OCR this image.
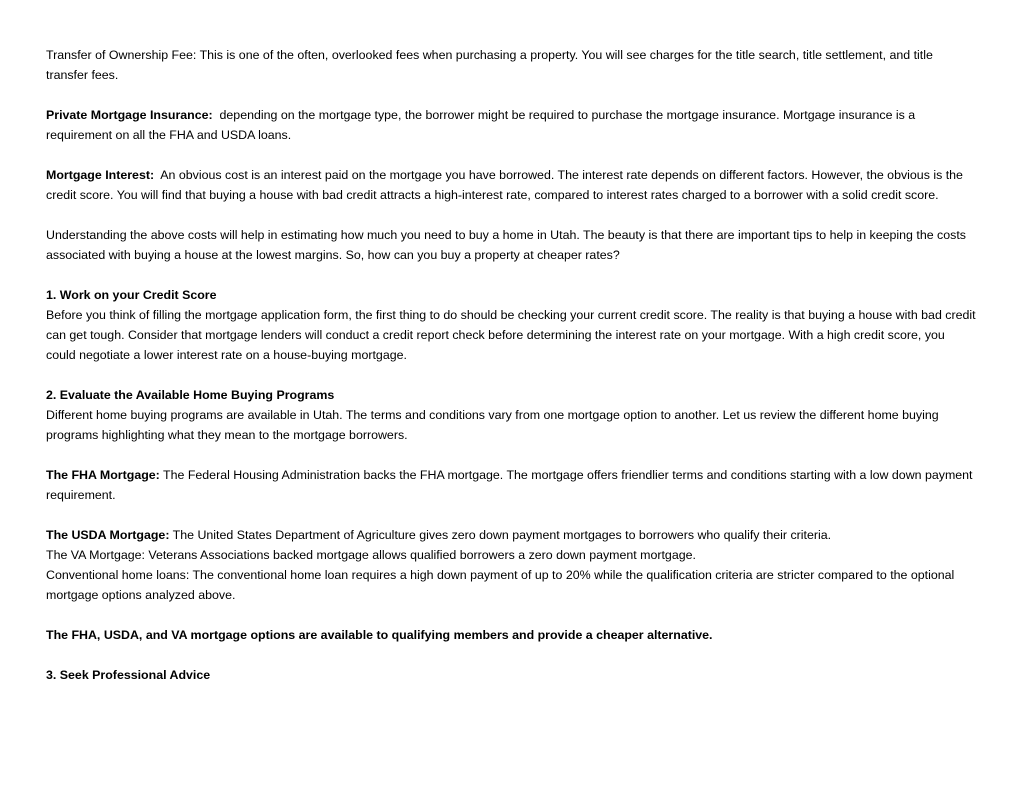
Transfer of Ownership Fee: This is one of the often, overlooked fees when purchasing a property. You will see charges for the title search, title settlement, and title transfer fees.

Private Mortgage Insurance:  depending on the mortgage type, the borrower might be required to purchase the mortgage insurance. Mortgage insurance is a requirement on all the FHA and USDA loans.

Mortgage Interest:  An obvious cost is an interest paid on the mortgage you have borrowed. The interest rate depends on different factors. However, the obvious is the credit score. You will find that buying a house with bad credit attracts a high-interest rate, compared to interest rates charged to a borrower with a solid credit score.

Understanding the above costs will help in estimating how much you need to buy a home in Utah. The beauty is that there are important tips to help in keeping the costs associated with buying a house at the lowest margins. So, how can you buy a property at cheaper rates?

1. Work on your Credit Score
Before you think of filling the mortgage application form, the first thing to do should be checking your current credit score. The reality is that buying a house with bad credit can get tough. Consider that mortgage lenders will conduct a credit report check before determining the interest rate on your mortgage. With a high credit score, you could negotiate a lower interest rate on a house-buying mortgage.
2. Evaluate the Available Home Buying Programs
Different home buying programs are available in Utah. The terms and conditions vary from one mortgage option to another. Let us review the different home buying programs highlighting what they mean to the mortgage borrowers.

The FHA Mortgage: The Federal Housing Administration backs the FHA mortgage. The mortgage offers friendlier terms and conditions starting with a low down payment requirement.

The USDA Mortgage: The United States Department of Agriculture gives zero down payment mortgages to borrowers who qualify their criteria.
The VA Mortgage: Veterans Associations backed mortgage allows qualified borrowers a zero down payment mortgage.
Conventional home loans: The conventional home loan requires a high down payment of up to 20% while the qualification criteria are stricter compared to the optional mortgage options analyzed above.

The FHA, USDA, and VA mortgage options are available to qualifying members and provide a cheaper alternative.

3. Seek Professional Advice
